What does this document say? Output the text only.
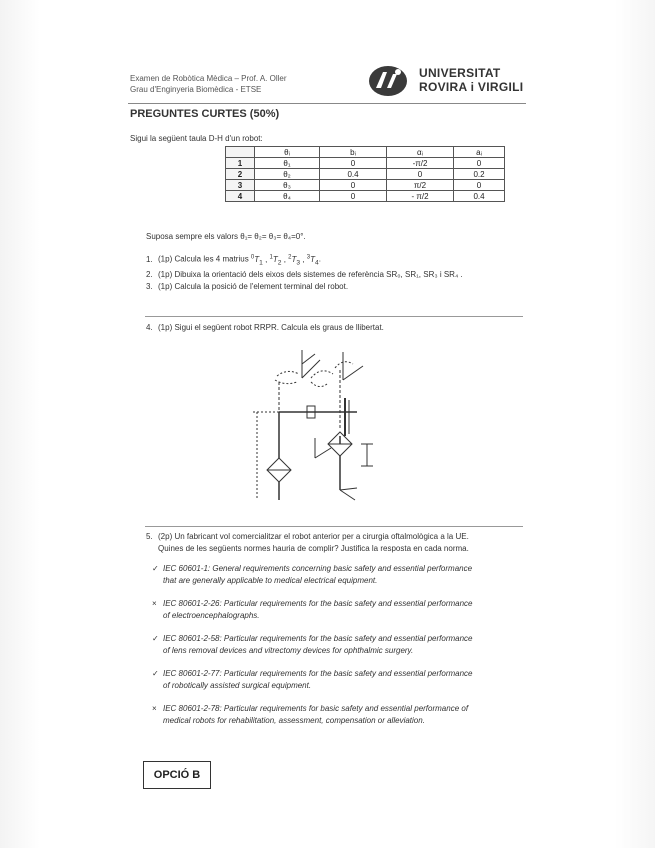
Examen de Robòtica Mèdica – Prof. A. Oller
Grau d'Enginyeria Biomèdica - ETSE
UNIVERSITAT
ROVIRA i VIRGILI
PREGUNTES CURTES (50%)
Sigui la següent taula D-H d'un robot:
	θᵢ	bᵢ	αᵢ	aᵢ
1	θ₁	0	-π/2	0
2	θ₂	0.4	0	0.2
3	θ₃	0	π/2	0
4	θ₄	0	- π/2	0.4
Suposa sempre els valors θ₁= θ₂= θ₃= θ₄=0°.
1. (1p) Calcula les 4 matrius $^0T_1$ , $^1T_2$ , $^2T_3$ , $^3T_4$.
2. (1p) Dibuixa la orientació dels eixos dels sistemes de referència SR₀, SR₁, SR₃ i SR₄ .
3. (1p) Calcula la posició de l'element terminal del robot.
4. (1p) Sigui el següent robot RRPR. Calcula els graus de llibertat.
5. (2p) Un fabricant vol comercialitzar el robot anterior per a cirurgia oftalmològica a la UE.
Quines de les següents normes hauria de complir? Justifica la resposta en cada norma.
✓ IEC 60601-1: General requirements concerning basic safety and essential performance
that are generally applicable to medical electrical equipment.
× IEC 80601-2-26: Particular requirements for the basic safety and essential performance
of electroencephalographs.
✓ IEC 80601-2-58: Particular requirements for the basic safety and essential performance
of lens removal devices and vitrectomy devices for ophthalmic surgery.
✓ IEC 80601-2-77: Particular requirements for the basic safety and essential performance
of robotically assisted surgical equipment.
× IEC 80601-2-78: Particular requirements for basic safety and essential performance of
medical robots for rehabilitation, assessment, compensation or alleviation.
OPCIÓ B
